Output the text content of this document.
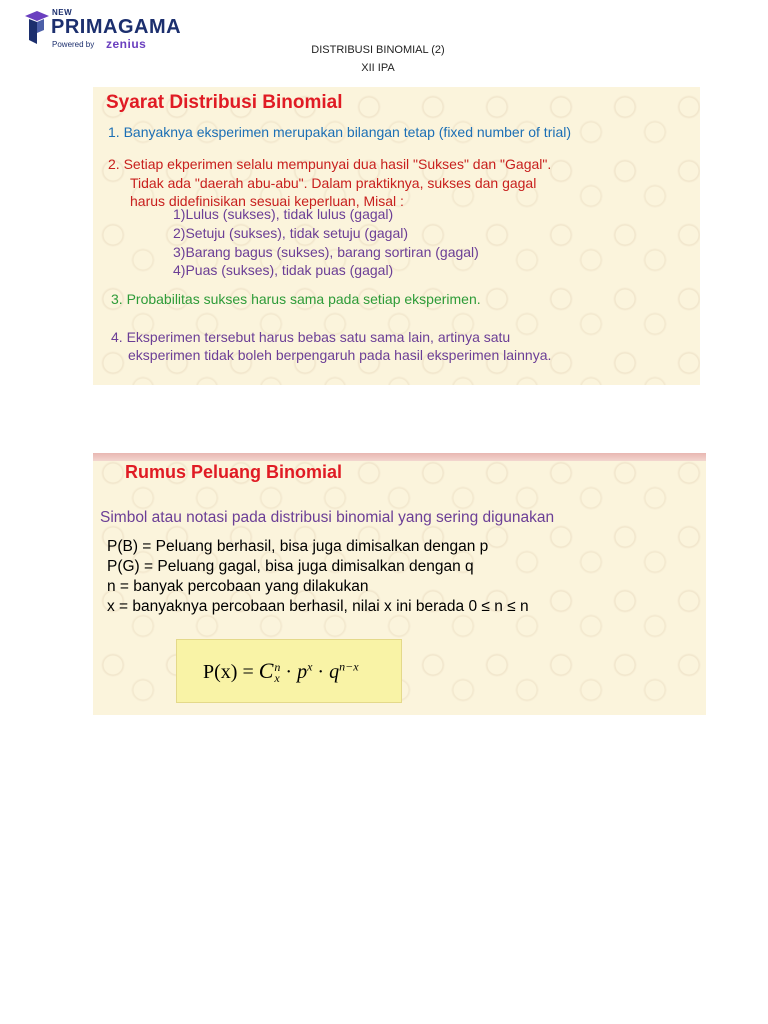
NEW
PRIMAGAMA
Powered by zenius	DISTRIBUSI BINOMIAL (2)
XII IPA
Syarat Distribusi Binomial
1. Banyaknya eksperimen merupakan bilangan tetap (fixed number of trial)
2. Setiap ekperimen selalu mempunyai dua hasil "Sukses" dan "Gagal".
Tidak ada "daerah abu-abu". Dalam praktiknya, sukses dan gagal
harus didefinisikan sesuai keperluan, Misal :
1)Lulus (sukses), tidak lulus (gagal)
2)Setuju (sukses), tidak setuju (gagal)
3)Barang bagus (sukses), barang sortiran (gagal)
4)Puas (sukses), tidak puas (gagal)
3. Probabilitas sukses harus sama pada setiap eksperimen.
4. Eksperimen tersebut harus bebas satu sama lain, artinya satu
eksperimen tidak boleh berpengaruh pada hasil eksperimen lainnya.
Rumus Peluang Binomial
Simbol atau notasi pada distribusi binomial yang sering digunakan
P(B) = Peluang berhasil, bisa juga dimisalkan dengan p
P(G) = Peluang gagal, bisa juga dimisalkan dengan q
n = banyak percobaan yang dilakukan
x = banyaknya percobaan berhasil, nilai x ini berada 0 ≤ n ≤ n
P(x) = C n
$x \cdot p^x \cdot q^{n-x}$
